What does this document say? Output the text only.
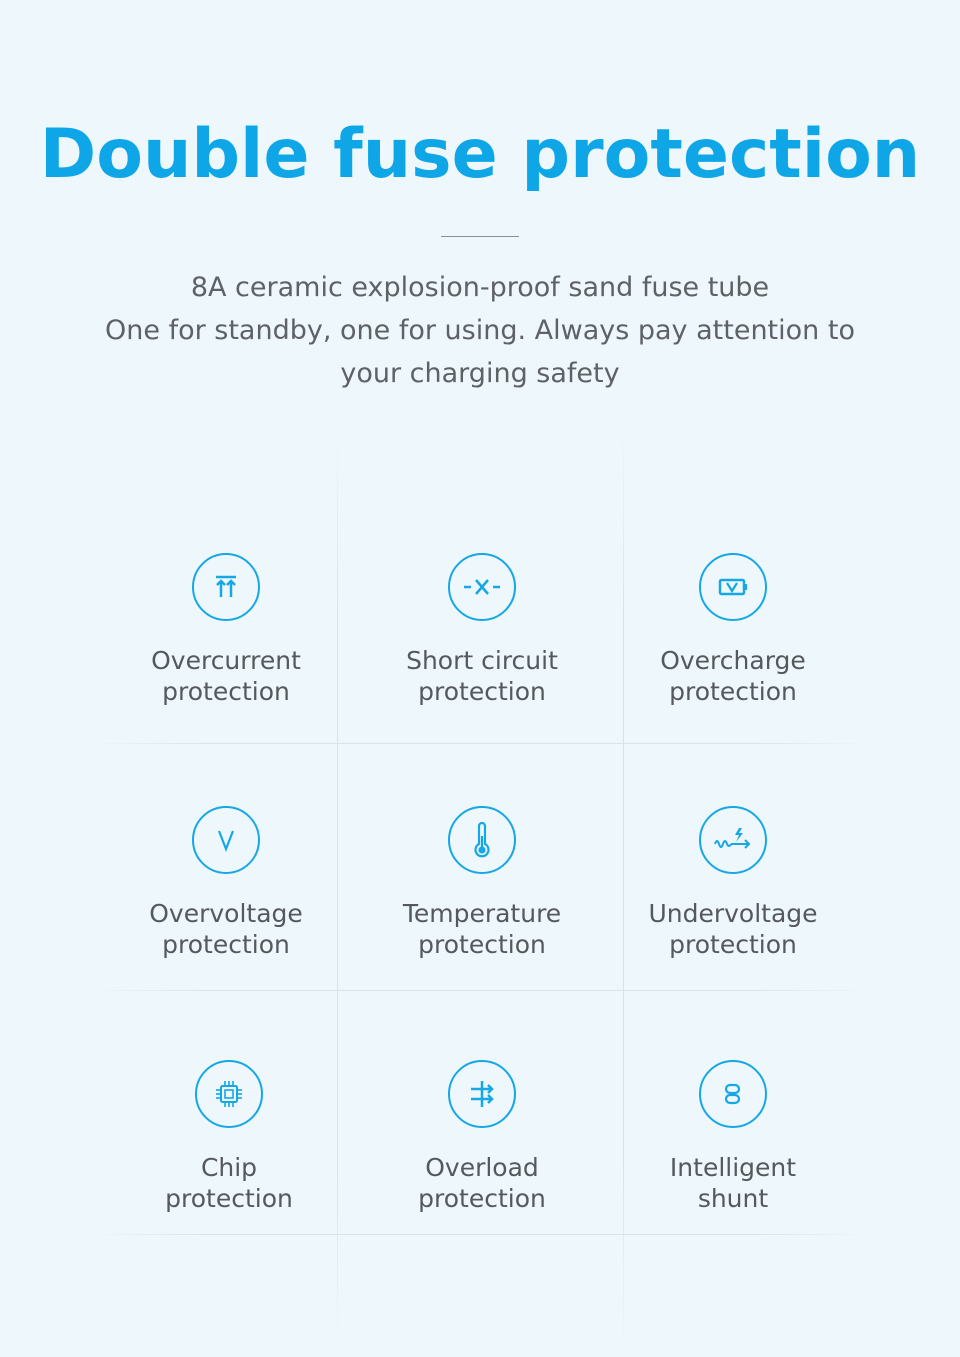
Double fuse protection
8A ceramic explosion-proof sand fuse tube
One for standby, one for using. Always pay attention to
your charging safety
Overcurrent
protection
Short circuit
protection
Overcharge
protection
Overvoltage
protection
Temperature
protection
Undervoltage
protection
Chip
protection
Overload
protection
Intelligent
shunt
